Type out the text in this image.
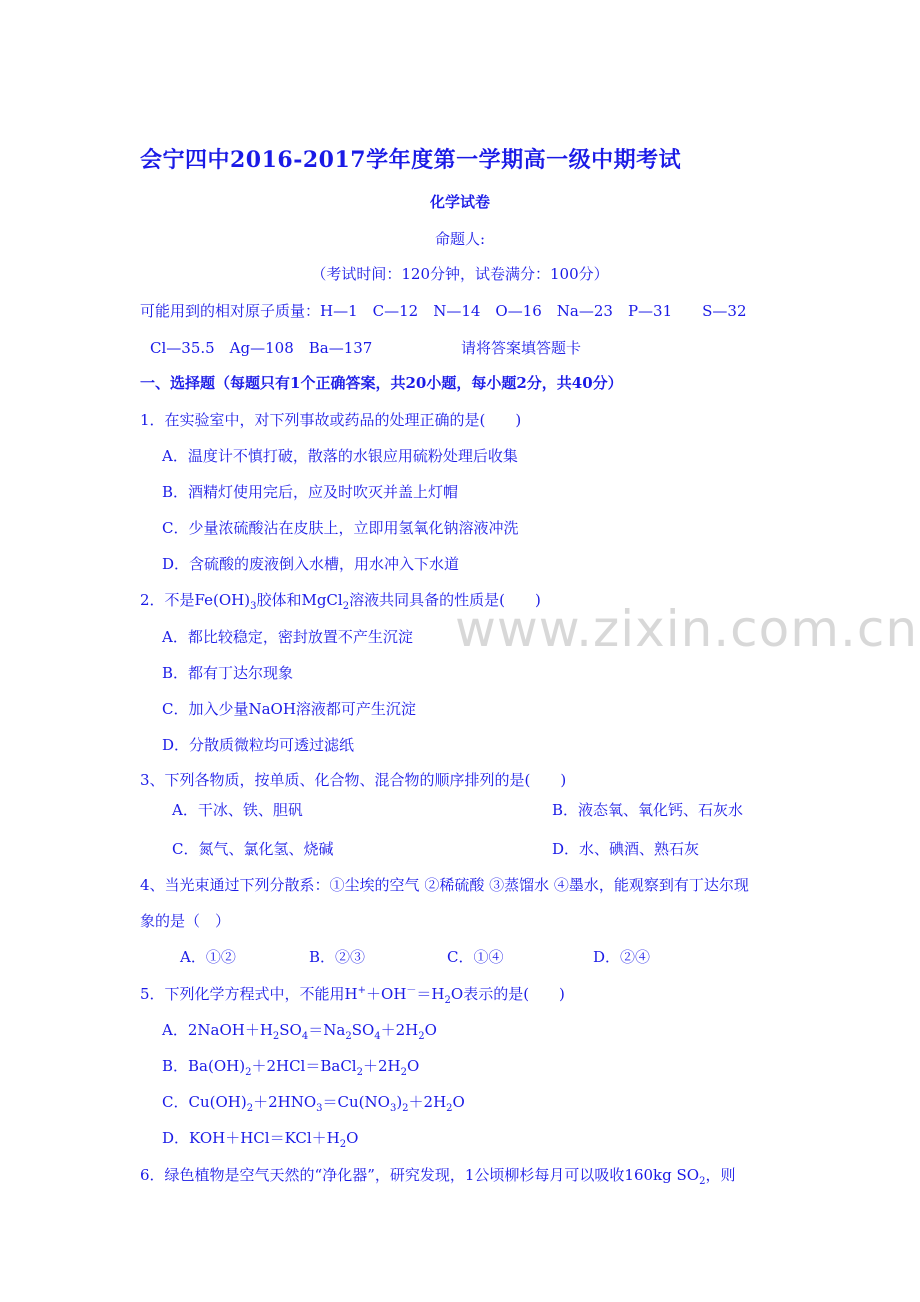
会宁四中2016-2017学年度第一学期高一级中期考试
化学试卷
命题人:
（考试时间：120分钟，试卷满分：100分）
可能用到的相对原子质量：H—1　C—12　N—14　O—16　Na—23　P—31　　S—32
Cl—35.5　Ag—108　Ba—137	请将答案填答题卡
一、选择题（每题只有1个正确答案，共20小题，每小题2分，共40分）
1．在实验室中，对下列事故或药品的处理正确的是(　　)
A．温度计不慎打破，散落的水银应用硫粉处理后收集
B．酒精灯使用完后，应及时吹灭并盖上灯帽
C．少量浓硫酸沾在皮肤上，立即用氢氧化钠溶液冲洗
D．含硫酸的废液倒入水槽，用水冲入下水道
2．不是$Fe(OH)_3$胶体和MgCl$_2$溶液共同具备的性质是(　　)
A．都比较稳定，密封放置不产生沉淀
B．都有丁达尔现象
C．加入少量NaOH溶液都可产生沉淀
D．分散质微粒均可透过滤纸
3、下列各物质，按单质、化合物、混合物的顺序排列的是(　　)
A．干冰、铁、胆矾	B．液态氧、氧化钙、石灰水
C．氮气、氯化氢、烧碱	D．水、碘酒、熟石灰
4、当光束通过下列分散系：①尘埃的空气 ②稀硫酸 ③蒸馏水 ④墨水，能观察到有丁达尔现
象的是（　）
A．①②	B．②③	C．①④	D．②④
5．下列化学方程式中，不能用$H^++OH^-=H_2O$表示的是(　　)
A．$2NaOH+H_2SO_4=Na_2SO_4+2H_2O$
B．$Ba(OH)_2+2HCl=BaCl_2+2H_2O$
C．$Cu(OH)_2+2HNO_3=Cu(NO_3)_2+2H_2O$
D．$KOH+HCl=KCl+H_2O$
6．绿色植物是空气天然的“净化器”，研究发现，1公顷柳杉每月可以吸收160kg $SO_2$，则
www.zixin.com.cn
